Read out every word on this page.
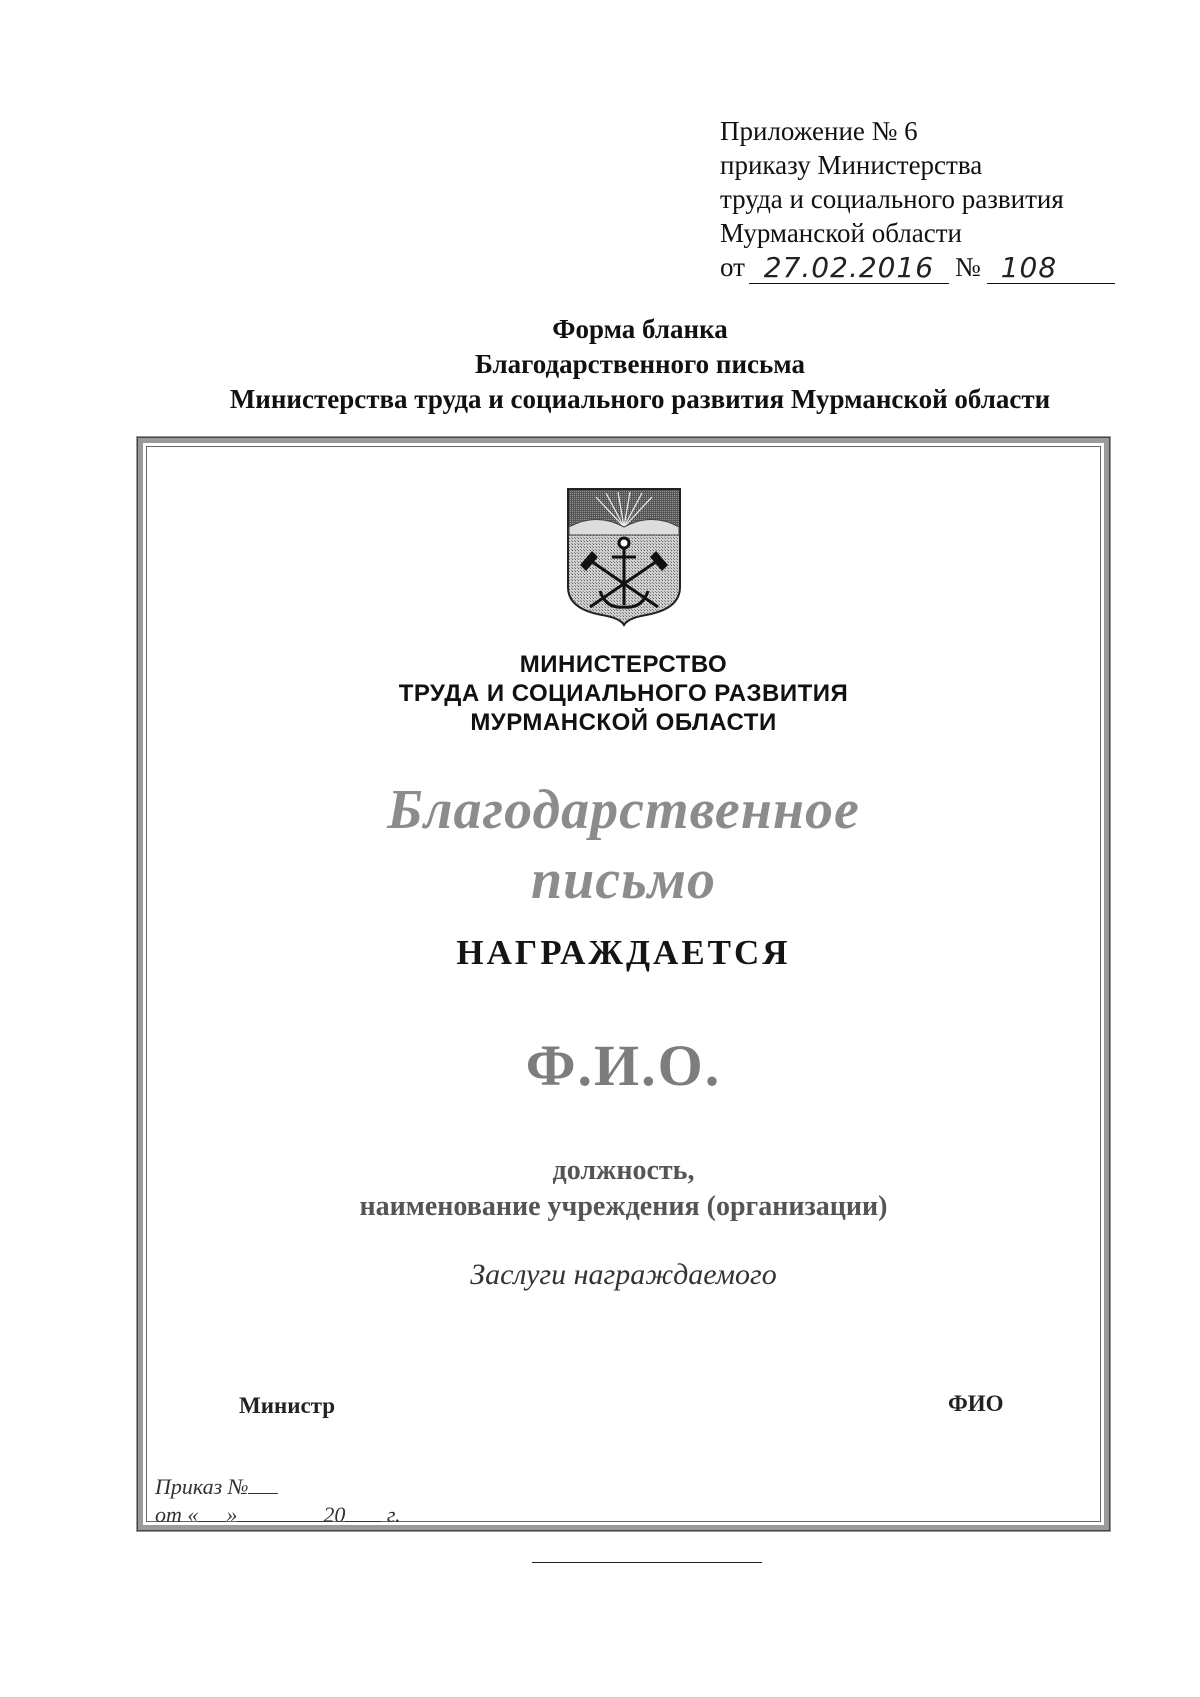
Приложение № 6
приказу Министерства
труда и социального развития
Мурманской области
от 27.02.2016 № 108
Форма бланка
Благодарственного письма
Министерства труда и социального развития Мурманской области
МИНИСТЕРСТВО
ТРУДА И СОЦИАЛЬНОГО РАЗВИТИЯ
МУРМАНСКОЙ ОБЛАСТИ
Благодарственное
письмо
НАГРАЖДАЕТСЯ
Ф.И.О.
должность,
наименование учреждения (организации)
Заслуги награждаемого
Министр	ФИО
Приказ №
от « »	20 г.
